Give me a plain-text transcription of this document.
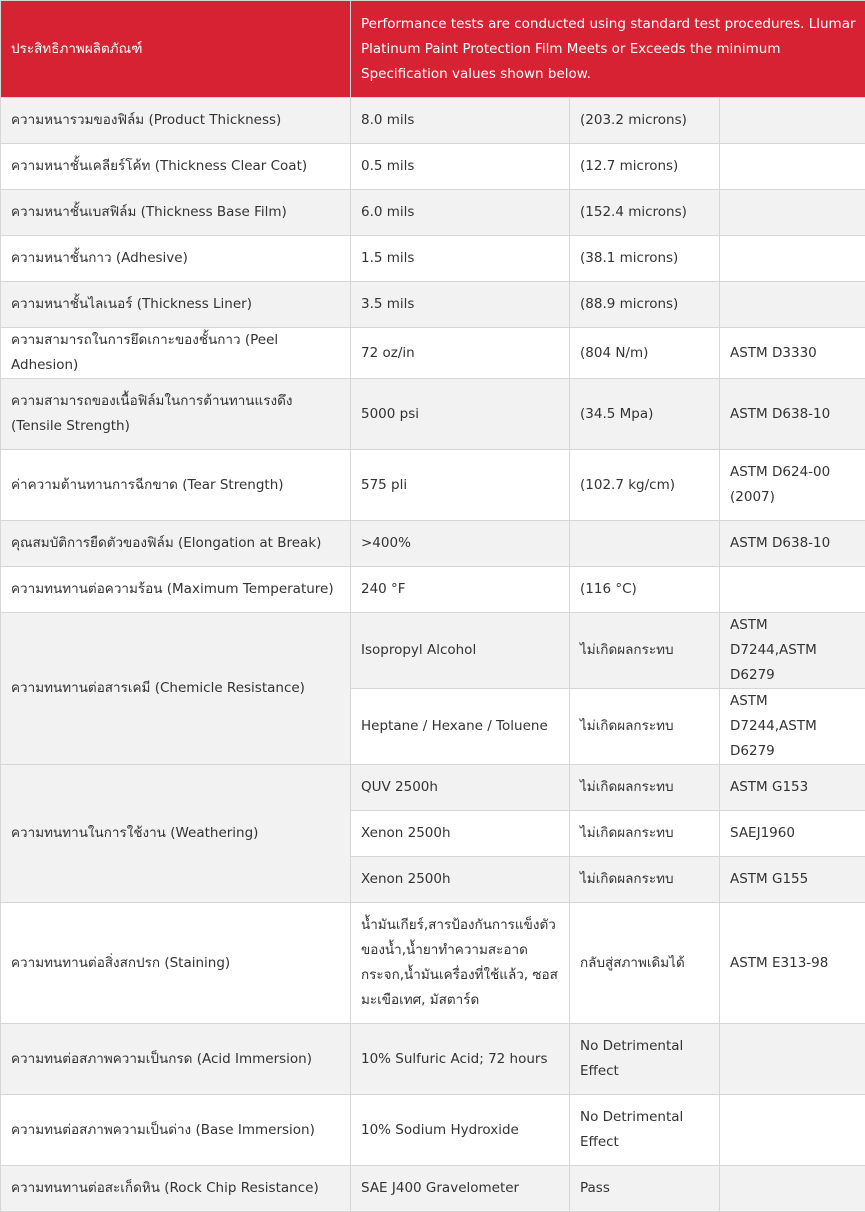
ประสิทธิภาพผลิตภัณฑ์	Performance tests are conducted using standard test procedures. Llumar Platinum Paint Protection Film Meets or Exceeds the minimum Specification values shown below.		
ความหนารวมของฟิล์ม (Product Thickness)	8.0 mils	(203.2 microns)	
ความหนาชั้นเคลียร์โค้ท (Thickness Clear Coat)	0.5 mils	(12.7 microns)	
ความหนาชั้นเบสฟิล์ม (Thickness Base Film)	6.0 mils	(152.4 microns)	
ความหนาชั้นกาว (Adhesive)	1.5 mils	(38.1 microns)	
ความหนาชั้นไลเนอร์ (Thickness Liner)	3.5 mils	(88.9 microns)	
ความสามารถในการยึดเกาะของชั้นกาว (Peel Adhesion)	72 oz/in	(804 N/m)	ASTM D3330
ความสามารถของเนื้อฟิล์มในการต้านทานแรงดึง (Tensile Strength)	5000 psi	(34.5 Mpa)	ASTM D638-10
ค่าความต้านทานการฉีกขาด (Tear Strength)	575 pli	(102.7 kg/cm)	ASTM D624-00 (2007)
คุณสมบัติการยืดตัวของฟิล์ม (Elongation at Break)	>400%		ASTM D638-10
ความทนทานต่อความร้อน (Maximum Temperature)	240 °F	(116 °C)	
ความทนทานต่อสารเคมี (Chemicle Resistance)	Isopropyl Alcohol	ไม่เกิดผลกระทบ	ASTM D7244,ASTM D6279
	Heptane / Hexane / Toluene	ไม่เกิดผลกระทบ	ASTM D7244,ASTM D6279
ความทนทานในการใช้งาน (Weathering)	QUV 2500h	ไม่เกิดผลกระทบ	ASTM G153
	Xenon 2500h	ไม่เกิดผลกระทบ	SAEJ1960
	Xenon 2500h	ไม่เกิดผลกระทบ	ASTM G155
ความทนทานต่อสิ่งสกปรก (Staining)	น้ำมันเกียร์,สารป้องกันการแข็งตัวของน้ำ,น้ำยาทำความสะอาดกระจก,น้ำมันเครื่องที่ใช้แล้ว, ซอสมะเขือเทศ, มัสตาร์ด	กลับสู่สภาพเดิมได้	ASTM E313-98
ความทนต่อสภาพความเป็นกรด (Acid Immersion)	10% Sulfuric Acid; 72 hours	No Detrimental Effect	
ความทนต่อสภาพความเป็นด่าง (Base Immersion)	10% Sodium Hydroxide	No Detrimental Effect	
ความทนทานต่อสะเก็ดหิน (Rock Chip Resistance)	SAE J400 Gravelometer	Pass	
